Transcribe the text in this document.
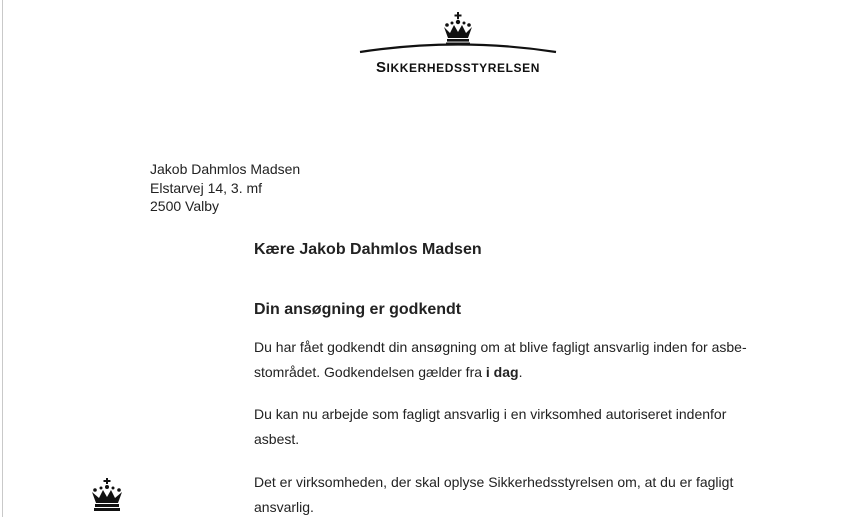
SIKKERHEDSSTYRELSEN
Jakob Dahmlos Madsen
Elstarvej 14, 3. mf
2500 Valby
Kære Jakob Dahmlos Madsen
Din ansøgning er godkendt
Du har fået godkendt din ansøgning om at blive fagligt ansvarlig inden for asbe-
stområdet. Godkendelsen gælder fra i dag.
Du kan nu arbejde som fagligt ansvarlig i en virksomhed autoriseret indenfor
asbest.
Det er virksomheden, der skal oplyse Sikkerhedsstyrelsen om, at du er fagligt
ansvarlig.
